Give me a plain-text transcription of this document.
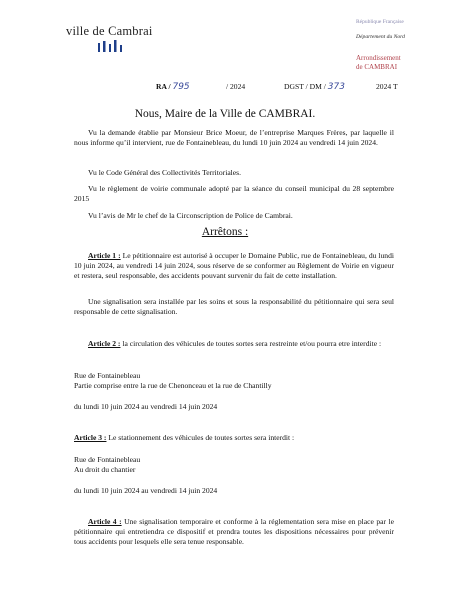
ville de Cambrai
République Française
Département du Nord
Arrondissement
de CAMBRAI
RA / 795	/ 2024	DGST / DM / 373	2024 T
Nous, Maire de la Ville de CAMBRAI.
Vu la demande établie par Monsieur Brice Moeur, de l’entreprise Marques Frères, par laquelle il nous informe qu’il intervient, rue de Fontainebleau, du lundi 10 juin 2024 au vendredi 14 juin 2024.
Vu le Code Général des Collectivités Territoriales.
Vu le règlement de voirie communale adopté par la séance du conseil municipal du 28 septembre 2015
Vu l’avis de Mr le chef de la Circonscription de Police de Cambrai.
Arrêtons :
Article 1 : Le pétitionnaire est autorisé à occuper le Domaine Public, rue de Fontainebleau, du lundi 10 juin 2024, au vendredi 14 juin 2024, sous réserve de se conformer au Règlement de Voirie en vigueur et restera, seul responsable, des accidents pouvant survenir du fait de cette installation.
Une signalisation sera installée par les soins et sous la responsabilité du pétitionnaire qui sera seul responsable de cette signalisation.
Article 2 : la circulation des véhicules de toutes sortes sera restreinte et/ou pourra etre interdite :
Rue de Fontainebleau
Partie comprise entre la rue de Chenonceau et la rue de Chantilly
du lundi 10 juin 2024 au vendredi 14 juin 2024
Article 3 : Le stationnement des véhicules de toutes sortes sera interdit :
Rue de Fontainebleau
Au droit du chantier
du lundi 10 juin 2024 au vendredi 14 juin 2024
Article 4 : Une signalisation temporaire et conforme à la réglementation sera mise en place par le pétitionnaire qui entretiendra ce dispositif et prendra toutes les dispositions nécessaires pour prévenir tous accidents pour lesquels elle sera tenue responsable.
